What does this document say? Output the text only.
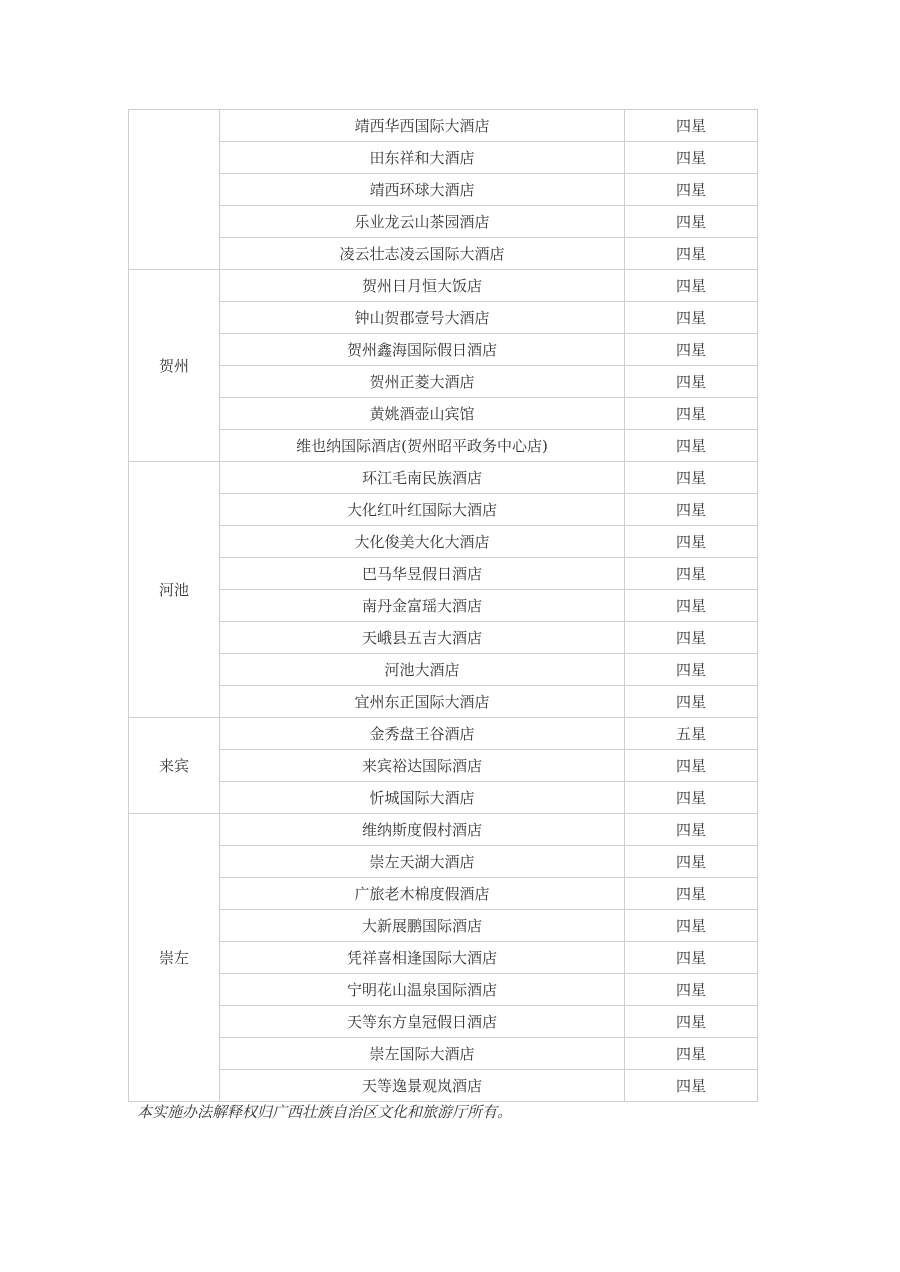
	靖西华西国际大酒店	四星
	田东祥和大酒店	四星
	靖西环球大酒店	四星
	乐业龙云山茶园酒店	四星
	凌云壮志凌云国际大酒店	四星
贺州	贺州日月恒大饭店	四星
	钟山贺郡壹号大酒店	四星
	贺州鑫海国际假日酒店	四星
	贺州正菱大酒店	四星
	黄姚酒壶山宾馆	四星
	维也纳国际酒店(贺州昭平政务中心店)	四星
河池	环江毛南民族酒店	四星
	大化红叶红国际大酒店	四星
	大化俊美大化大酒店	四星
	巴马华昱假日酒店	四星
	南丹金富瑶大酒店	四星
	天峨县五吉大酒店	四星
	河池大酒店	四星
	宜州东正国际大酒店	四星
来宾	金秀盘王谷酒店	五星
	来宾裕达国际酒店	四星
	忻城国际大酒店	四星
崇左	维纳斯度假村酒店	四星
	崇左天湖大酒店	四星
	广旅老木棉度假酒店	四星
	大新展鹏国际酒店	四星
	凭祥喜相逢国际大酒店	四星
	宁明花山温泉国际酒店	四星
	天等东方皇冠假日酒店	四星
	崇左国际大酒店	四星
	天等逸景观岚酒店	四星
本实施办法解释权归广西壮族自治区文化和旅游厅所有。
